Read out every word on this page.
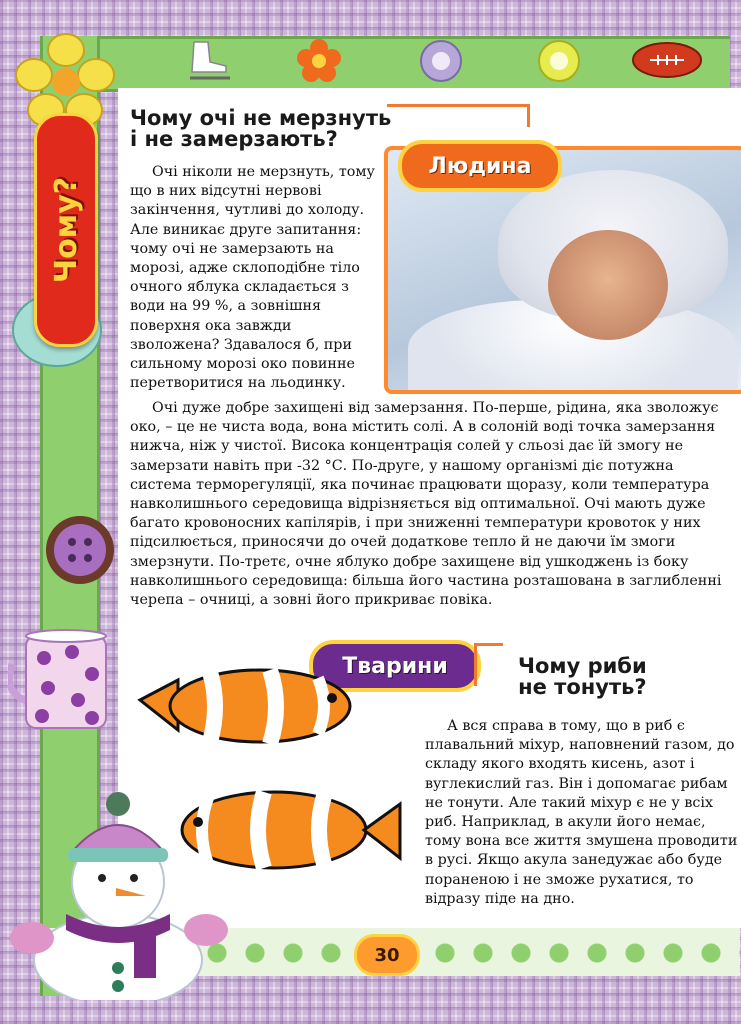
Чому?
Чому очі не мерзнуть
і не замерзають?
Людина

Очі ніколи не мерзнуть, тому що в них відсутні нервові закінчення, чутливі до холоду. Але виникає друге запитання: чому очі не замерзають на морозі, адже склоподібне тіло очного яблука складається з води на 99 %, а зовнішня поверхня ока завжди зволожена? Здавалося б, при сильному морозі око повинне перетворитися на льодинку.

Очі дуже добре захищені від замерзання. По-перше, рідина, яка зволожує око, – це не чиста вода, вона містить солі. А в солоній воді точка замерзання нижча, ніж у чистої. Висока концентрація солей у сльозі дає їй змогу не замерзати навіть при -32 °С. По-друге, у нашому організмі діє потужна система терморегуляції, яка починає працювати щоразу, коли температура навколишнього середовища відрізняється від оптимальної. Очі мають дуже багато кровоносних капілярів, і при зниженні температури кровоток у них підсилюється, приносячи до очей додаткове тепло й не даючи їм змоги змерзнути. По-третє, очне яблуко добре захищене від ушкоджень із боку навколишнього середовища: більша його частина розташована в заглибленні черепа – очниці, а зовні його прикриває повіка.

Тварини	Чому риби
не тонуть?

А вся справа в тому, що в риб є плавальний міхур, наповнений газом, до складу якого входять кисень, азот і вуглекислий газ. Він і допомагає рибам не тонути. Але такий міхур є не у всіх риб. Наприклад, в акули його немає, тому вона все життя змушена проводити в русі. Якщо акула занедужає або буде пораненою і не зможе рухатися, то відразу піде на дно.

30
